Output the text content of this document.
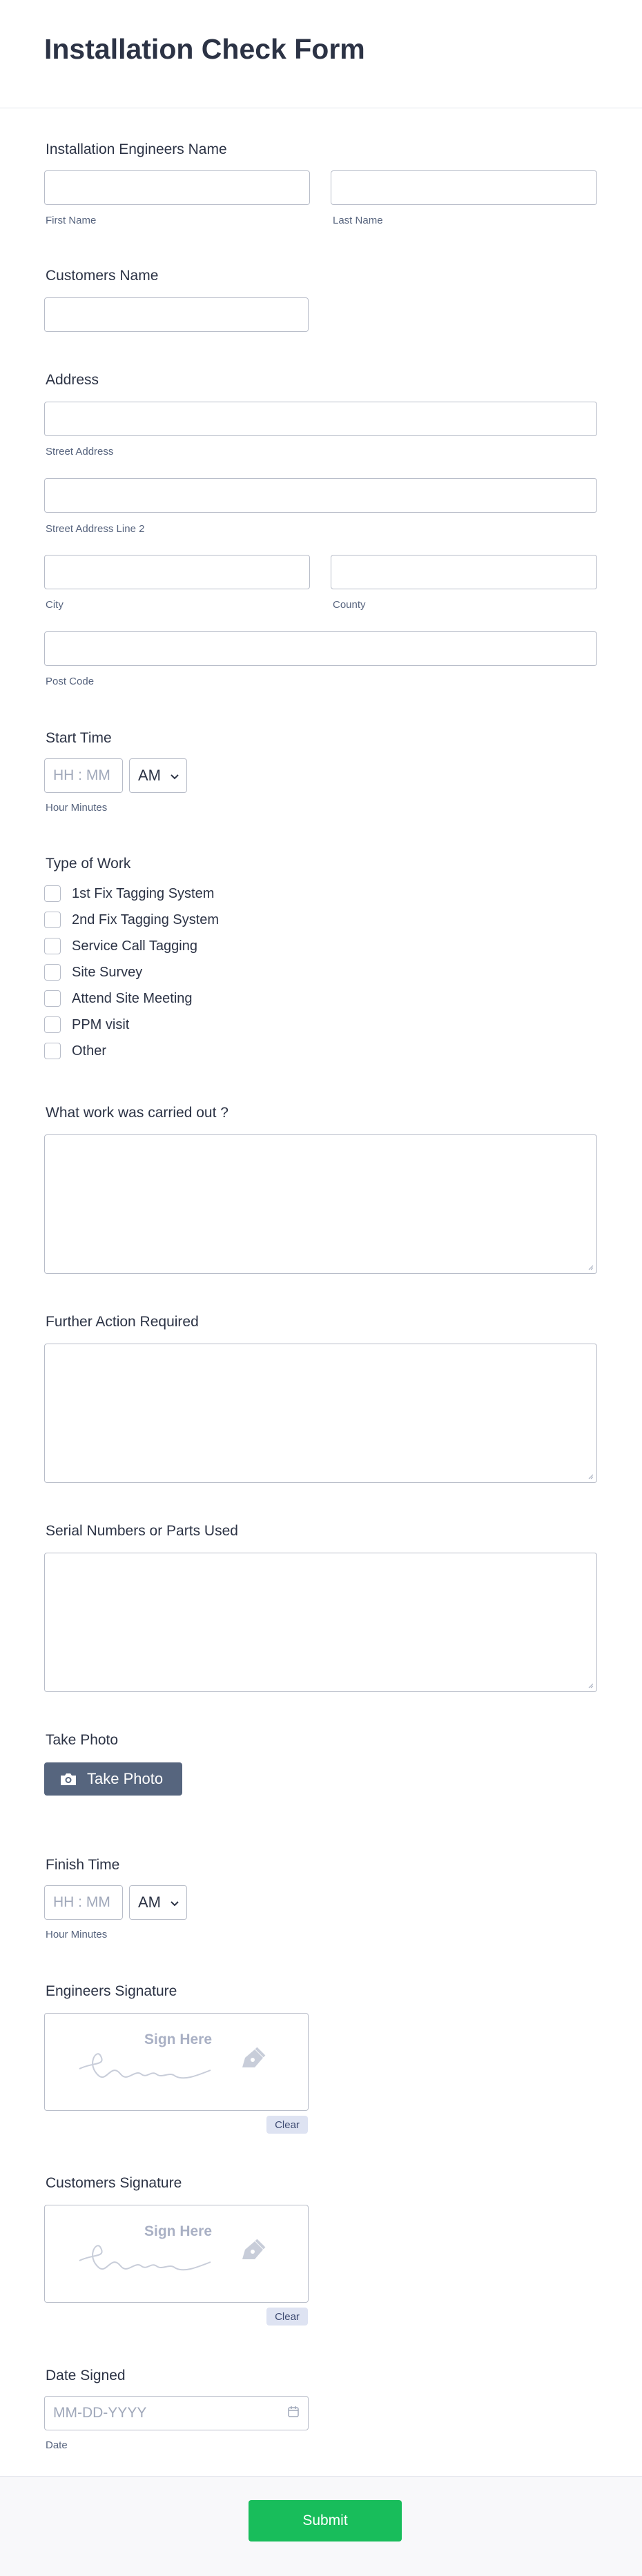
Installation Check Form
Installation Engineers Name
First Name	Last Name
Customers Name
Address
Street Address
Street Address Line 2
City	County
Post Code
Start Time
HH : MM AM
Hour Minutes
Type of Work
1st Fix Tagging System
2nd Fix Tagging System
Service Call Tagging
Site Survey
Attend Site Meeting
PPM visit
Other
What work was carried out ?
Further Action Required
Serial Numbers or Parts Used
Take Photo
Take Photo
Finish Time
HH : MM AM
Hour Minutes
Engineers Signature
Sign Here
Clear
Customers Signature
Sign Here
Clear
Date Signed
MM-DD-YYYY
Date
Submit
